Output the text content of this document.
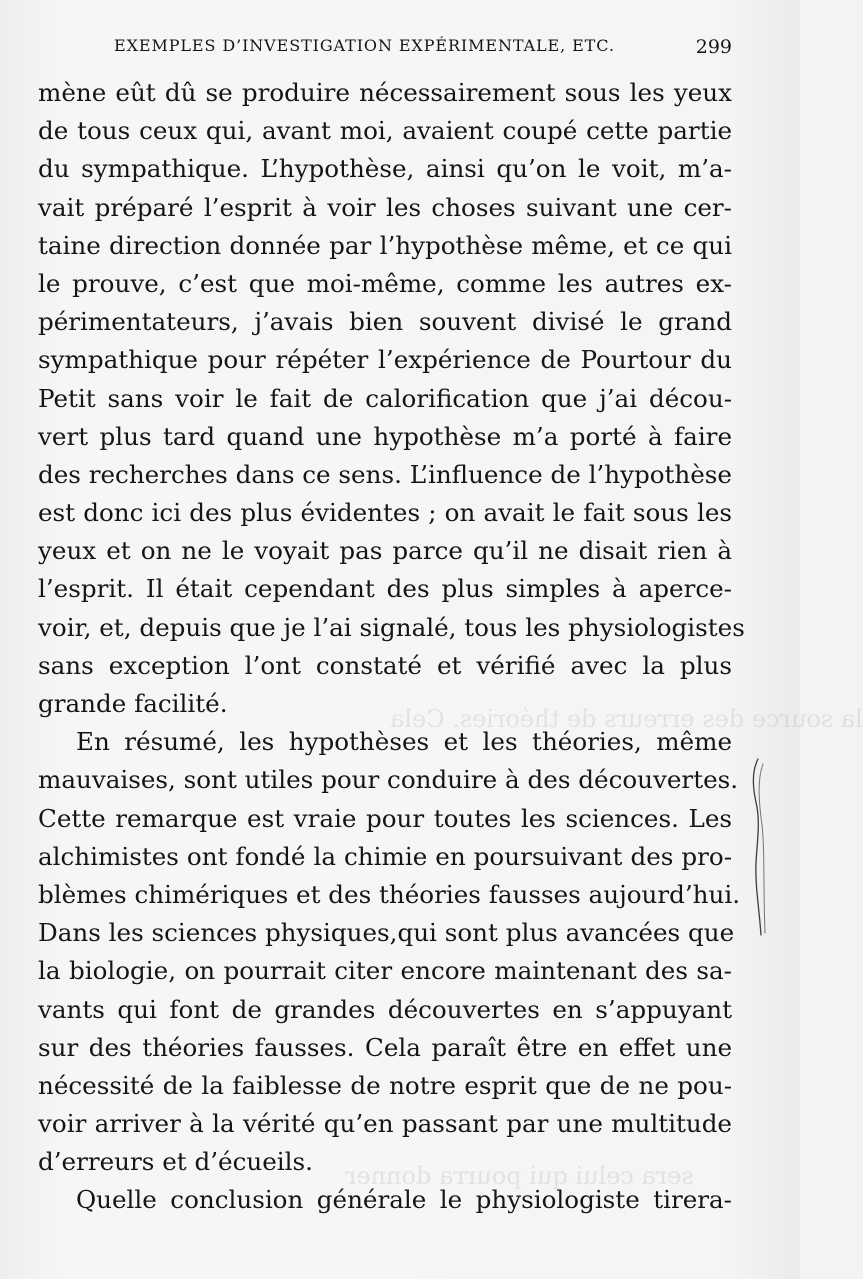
la source des erreurs de théories. Cela
sera celui qui pourra donner
EXEMPLES D’INVESTIGATION EXPÉRIMENTALE, ETC.	299
mène eût dû se produire nécessairement sous les yeux
de tous ceux qui, avant moi, avaient coupé cette partie
du sympathique. L’hypothèse, ainsi qu’on le voit, m’a-
vait préparé l’esprit à voir les choses suivant une cer-
taine direction donnée par l’hypothèse même, et ce qui
le prouve, c’est que moi-même, comme les autres ex-
périmentateurs, j’avais bien souvent divisé le grand
sympathique pour répéter l’expérience de Pourtour du
Petit sans voir le fait de calorification que j’ai décou-
vert plus tard quand une hypothèse m’a porté à faire
des recherches dans ce sens. L’influence de l’hypothèse
est donc ici des plus évidentes ; on avait le fait sous les
yeux et on ne le voyait pas parce qu’il ne disait rien à
l’esprit. Il était cependant des plus simples à aperce-
voir, et, depuis que je l’ai signalé, tous les physiologistes
sans exception l’ont constaté et vérifié avec la plus
grande facilité.
En résumé, les hypothèses et les théories, même
mauvaises, sont utiles pour conduire à des découvertes.
Cette remarque est vraie pour toutes les sciences. Les
alchimistes ont fondé la chimie en poursuivant des pro-
blèmes chimériques et des théories fausses aujourd’hui.
Dans les sciences physiques,qui sont plus avancées que
la biologie, on pourrait citer encore maintenant des sa-
vants qui font de grandes découvertes en s’appuyant
sur des théories fausses. Cela paraît être en effet une
nécessité de la faiblesse de notre esprit que de ne pou-
voir arriver à la vérité qu’en passant par une multitude
d’erreurs et d’écueils.
Quelle conclusion générale le physiologiste tirera-
